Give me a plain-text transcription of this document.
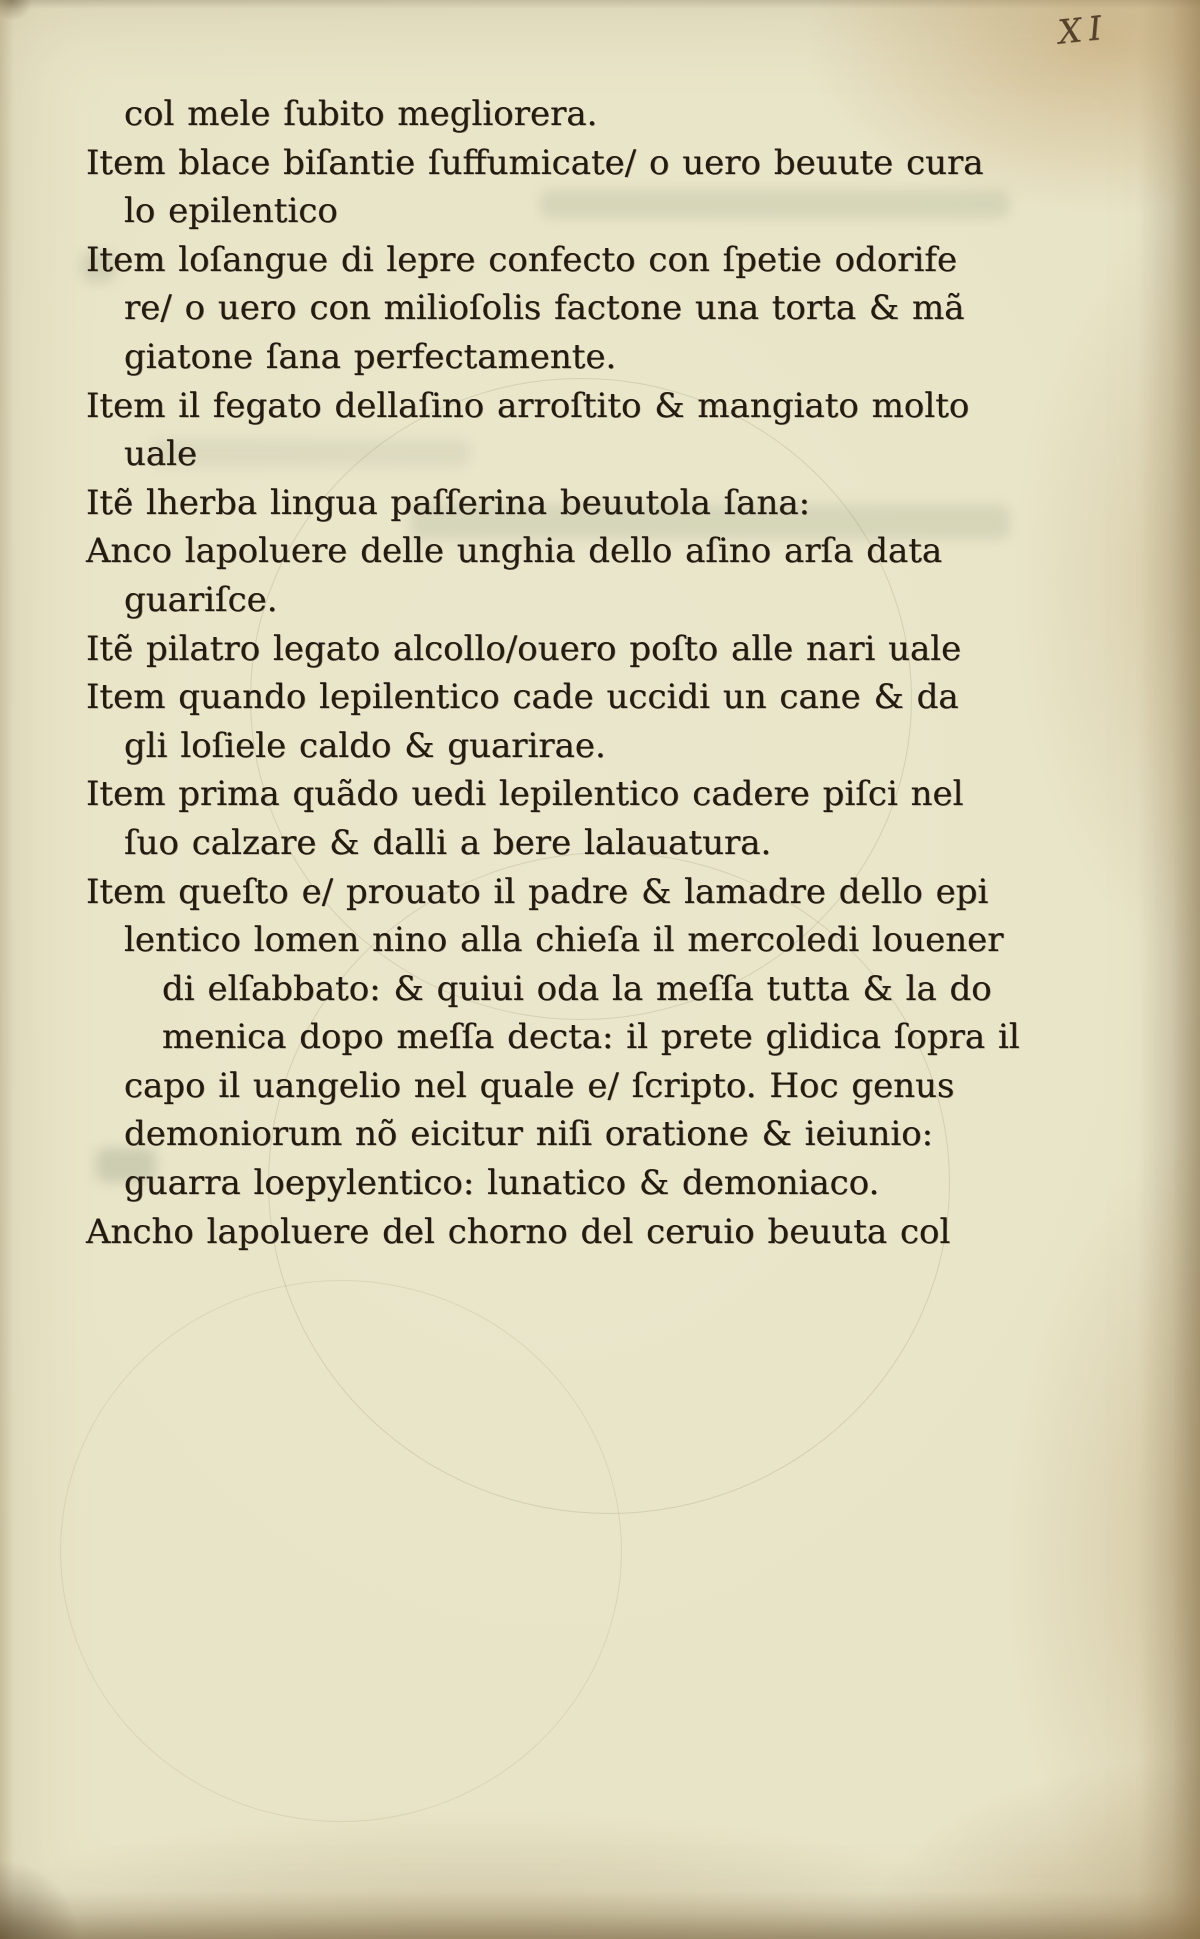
XI
col mele ſubito megliorera.
Item blace biſantie ſuffumicate/ o uero beuute cura
lo epilentico
Item loſangue di lepre confecto con ſpetie odorife
re/ o uero con milioſolis factone una torta & mã
giatone ſana perfectamente.
Item il fegato dellaſino arroſtito & mangiato molto
uale
Itẽ lherba lingua paſſerina beuutola ſana:
Anco lapoluere delle unghia dello aſino arſa data
guariſce.
Itẽ pilatro legato alcollo/ouero poſto alle nari uale
Item quando lepilentico cade uccidi un cane & da
gli loſiele caldo & guarirae.
Item prima quãdo uedi lepilentico cadere piſci nel
ſuo calzare & dalli a bere lalauatura.
Item queſto e/ prouato il padre & lamadre dello epi
lentico lomen nino alla chieſa il mercoledi louener
di elſabbato: & quiui oda la meſſa tutta & la do
menica dopo meſſa decta: il prete glidica ſopra il
capo il uangelio nel quale e/ ſcripto. Hoc genus
demoniorum nõ eicitur niſi oratione & ieiunio:
guarra loepylentico: lunatico & demoniaco.
Ancho lapoluere del chorno del ceruio beuuta col
